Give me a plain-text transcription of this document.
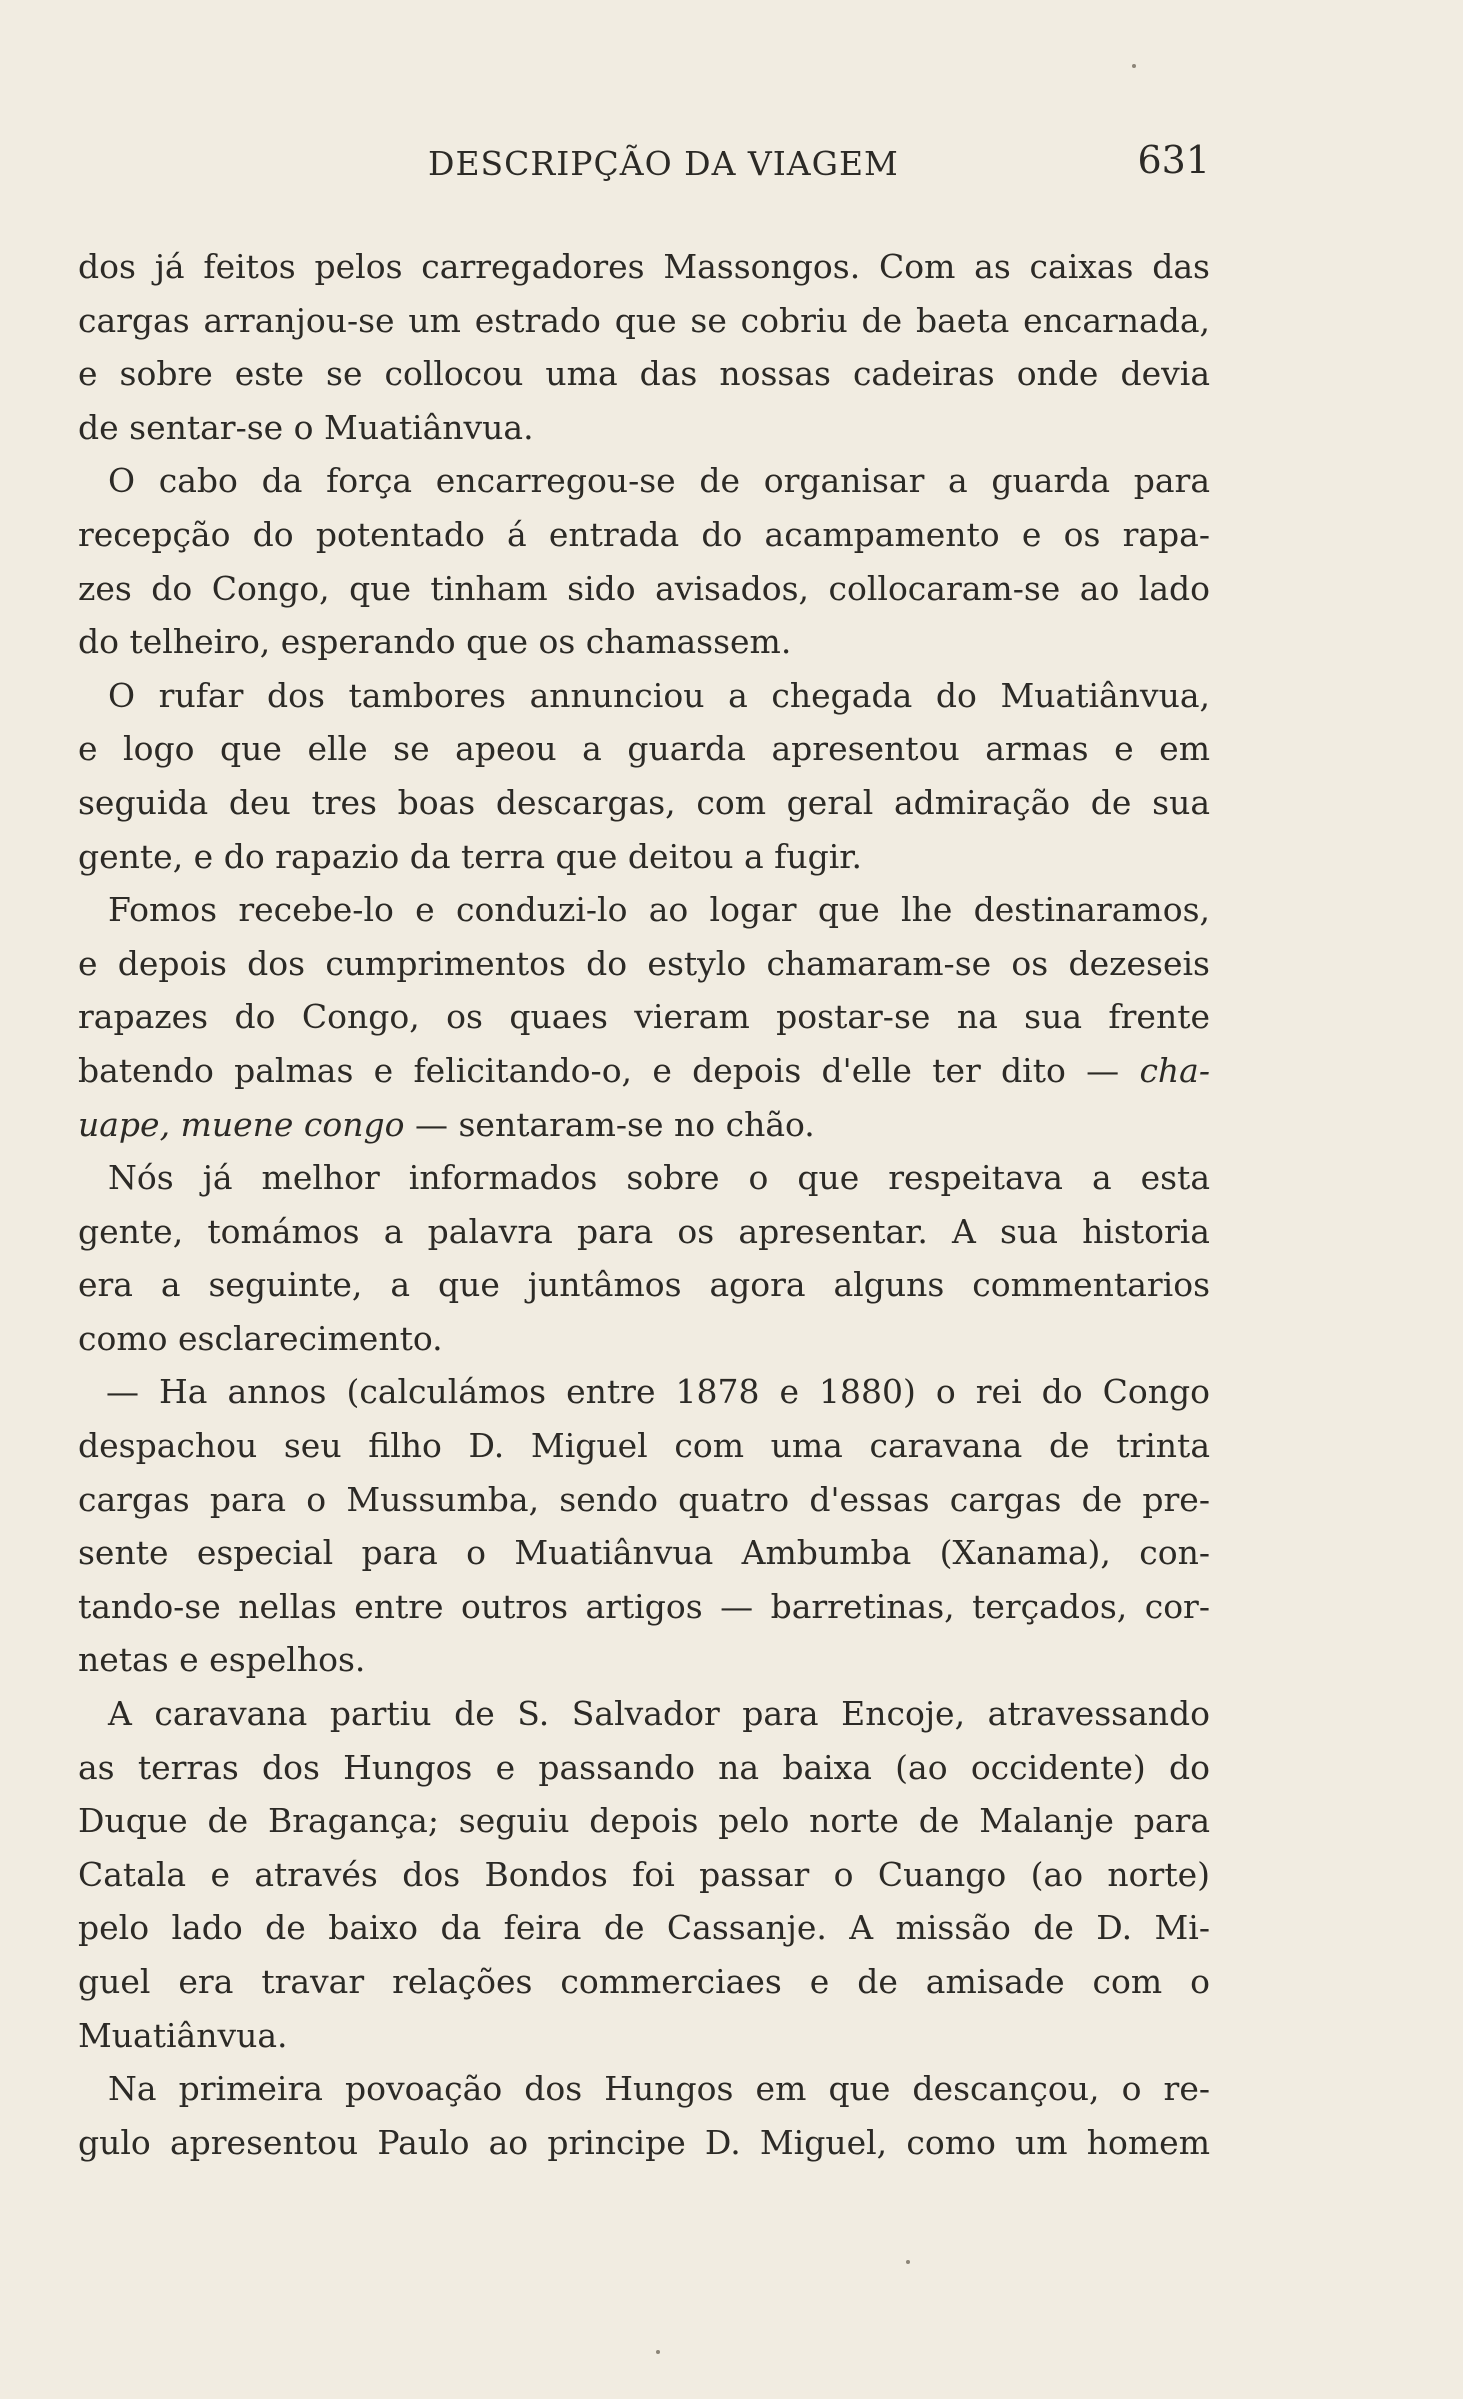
DESCRIPÇÃO DA VIAGEM	631
dos já feitos pelos carregadores Massongos. Com as caixas das
cargas arranjou-se um estrado que se cobriu de baeta encarnada,
e sobre este se collocou uma das nossas cadeiras onde devia
de sentar-se o Muatiânvua.
O cabo da força encarregou-se de organisar a guarda para
recepção do potentado á entrada do acampamento e os rapa-
zes do Congo, que tinham sido avisados, collocaram-se ao lado
do telheiro, esperando que os chamassem.
O rufar dos tambores annunciou a chegada do Muatiânvua,
e logo que elle se apeou a guarda apresentou armas e em
seguida deu tres boas descargas, com geral admiração de sua
gente, e do rapazio da terra que deitou a fugir.
Fomos recebe-lo e conduzi-lo ao logar que lhe destinaramos,
e depois dos cumprimentos do estylo chamaram-se os dezeseis
rapazes do Congo, os quaes vieram postar-se na sua frente
batendo palmas e felicitando-o, e depois d'elle ter dito — cha-
uape, muene congo — sentaram-se no chão.
Nós já melhor informados sobre o que respeitava a esta
gente, tomámos a palavra para os apresentar. A sua historia
era a seguinte, a que juntâmos agora alguns commentarios
como esclarecimento.
— Ha annos (calculámos entre 1878 e 1880) o rei do Congo
despachou seu filho D. Miguel com uma caravana de trinta
cargas para o Mussumba, sendo quatro d'essas cargas de pre-
sente especial para o Muatiânvua Ambumba (Xanama), con-
tando-se nellas entre outros artigos — barretinas, terçados, cor-
netas e espelhos.
A caravana partiu de S. Salvador para Encoje, atravessando
as terras dos Hungos e passando na baixa (ao occidente) do
Duque de Bragança; seguiu depois pelo norte de Malanje para
Catala e através dos Bondos foi passar o Cuango (ao norte)
pelo lado de baixo da feira de Cassanje. A missão de D. Mi-
guel era travar relações commerciaes e de amisade com o
Muatiânvua.
Na primeira povoação dos Hungos em que descançou, o re-
gulo apresentou Paulo ao principe D. Miguel, como um homem
